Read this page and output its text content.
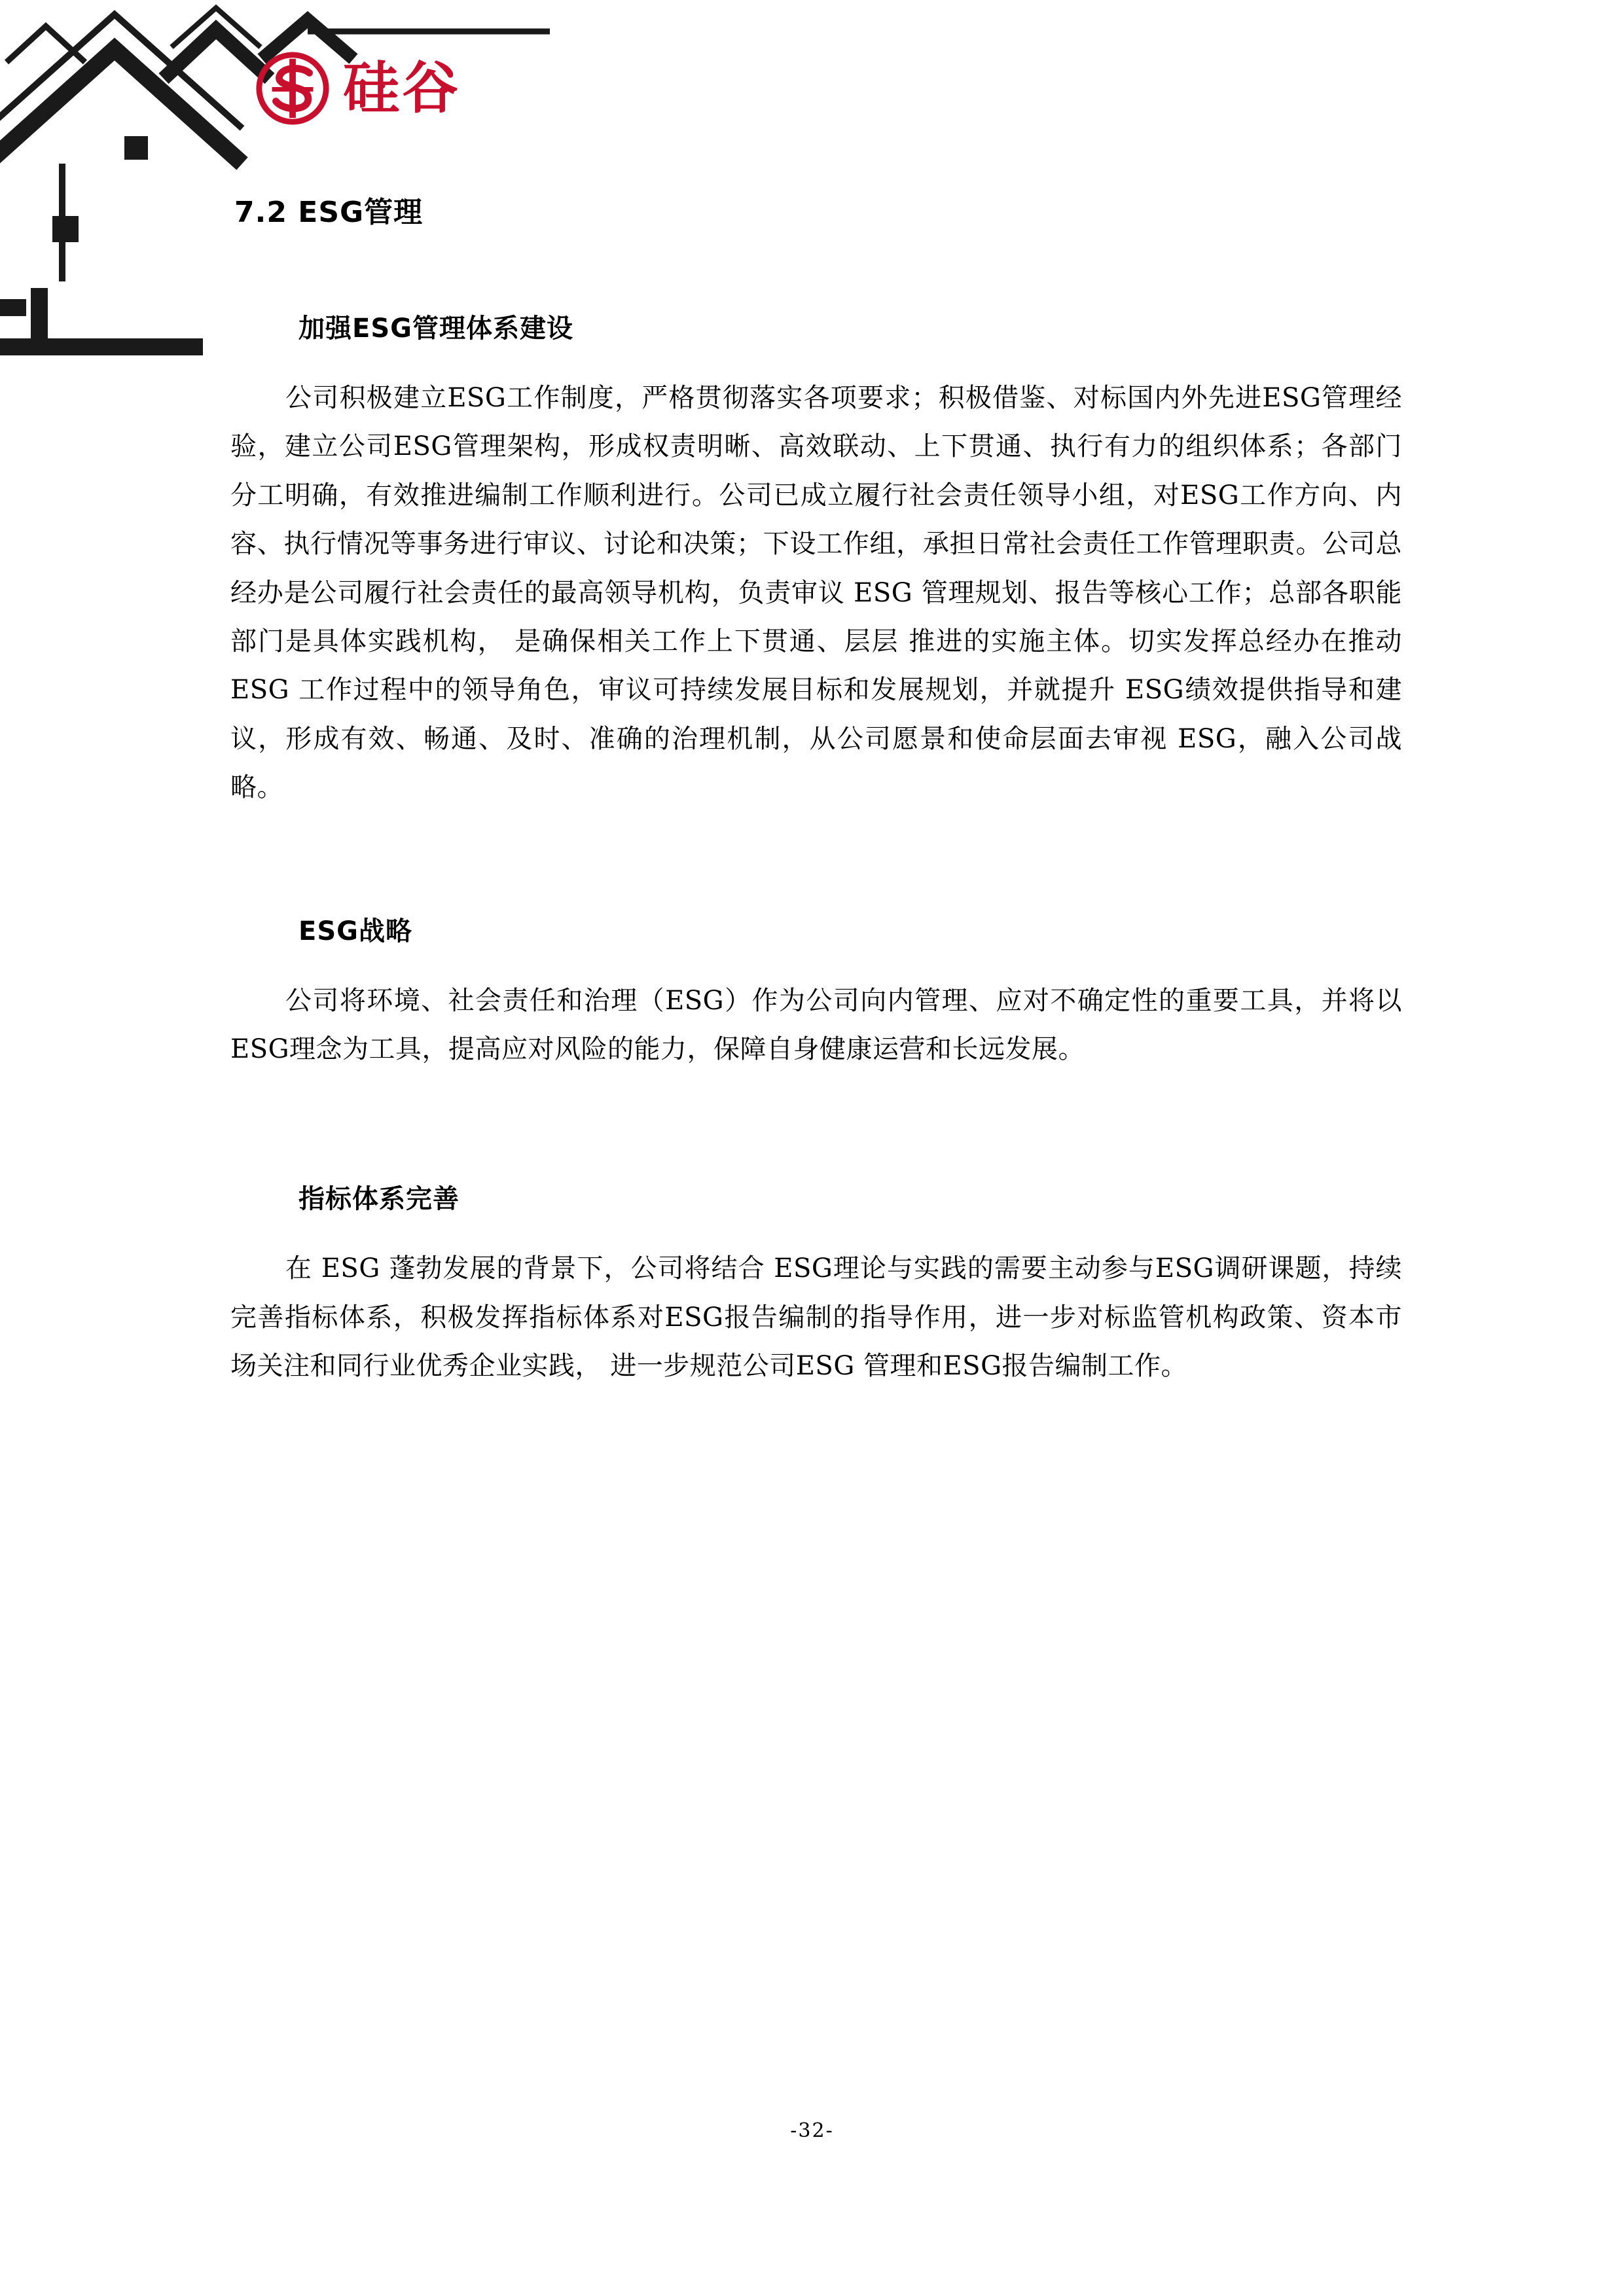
硅谷
7.2 ESG管理
加强ESG管理体系建设

公司积极建立ESG工作制度，严格贯彻落实各项要求；积极借鉴、对标国内外先进ESG管理经验，建立公司ESG管理架构，形成权责明晰、高效联动、上下贯通、执行有力的组织体系；各部门分工明确，有效推进编制工作顺利进行。公司已成立履行社会责任领导小组，对ESG工作方向、内容、执行情况等事务进行审议、讨论和决策；下设工作组，承担日常社会责任工作管理职责。公司总经办是公司履行社会责任的最高领导机构，负责审议 ESG 管理规划、报告等核心工作；总部各职能部门是具体实践机构， 是确保相关工作上下贯通、层层 推进的实施主体。切实发挥总经办在推动 ESG 工作过程中的领导角色，审议可持续发展目标和发展规划，并就提升 ESG绩效提供指导和建议，形成有效、畅通、及时、准确的治理机制，从公司愿景和使命层面去审视 ESG，融入公司战略。

ESG战略

公司将环境、社会责任和治理（ESG）作为公司向内管理、应对不确定性的重要工具，并将以 ESG理念为工具，提高应对风险的能力，保障自身健康运营和长远发展。

指标体系完善

在 ESG 蓬勃发展的背景下，公司将结合 ESG理论与实践的需要主动参与ESG调研课题，持续完善指标体系，积极发挥指标体系对ESG报告编制的指导作用，进一步对标监管机构政策、资本市场关注和同行业优秀企业实践， 进一步规范公司ESG 管理和ESG报告编制工作。

-32-
